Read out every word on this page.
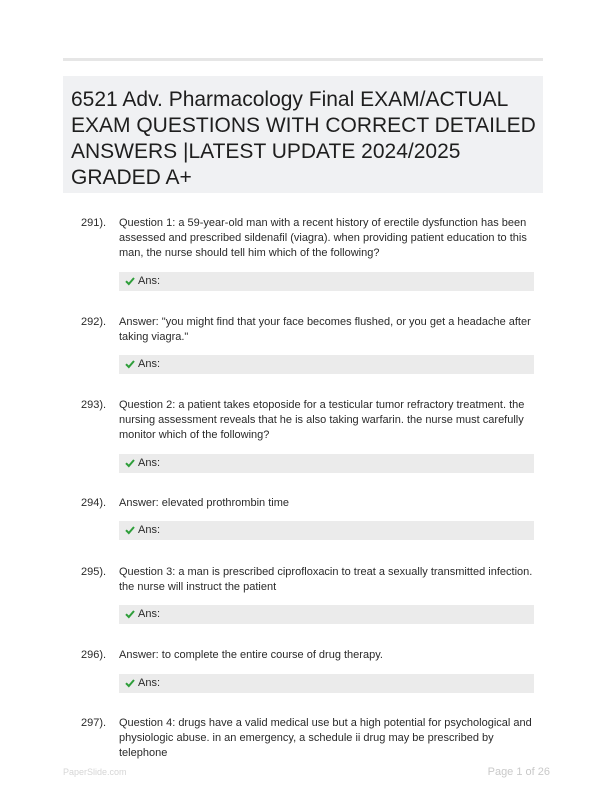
6521 Adv. Pharmacology Final EXAM/ACTUAL EXAM QUESTIONS WITH CORRECT DETAILED ANSWERS |LATEST UPDATE 2024/2025 GRADED A+
291). Question 1: a 59-year-old man with a recent history of erectile dysfunction has been assessed and prescribed sildenafil (viagra). when providing patient education to this man, the nurse should tell him which of the following?
Ans:
292). Answer: "you might find that your face becomes flushed, or you get a headache after taking viagra."
Ans:
293). Question 2: a patient takes etoposide for a testicular tumor refractory treatment. the nursing assessment reveals that he is also taking warfarin. the nurse must carefully monitor which of the following?
Ans:
294). Answer: elevated prothrombin time
Ans:
295). Question 3: a man is prescribed ciprofloxacin to treat a sexually transmitted infection. the nurse will instruct the patient
Ans:
296). Answer: to complete the entire course of drug therapy.
Ans:
297). Question 4: drugs have a valid medical use but a high potential for psychological and physiologic abuse. in an emergency, a schedule ii drug may be prescribed by telephone
PaperSlide.com	Page 1 of 26
